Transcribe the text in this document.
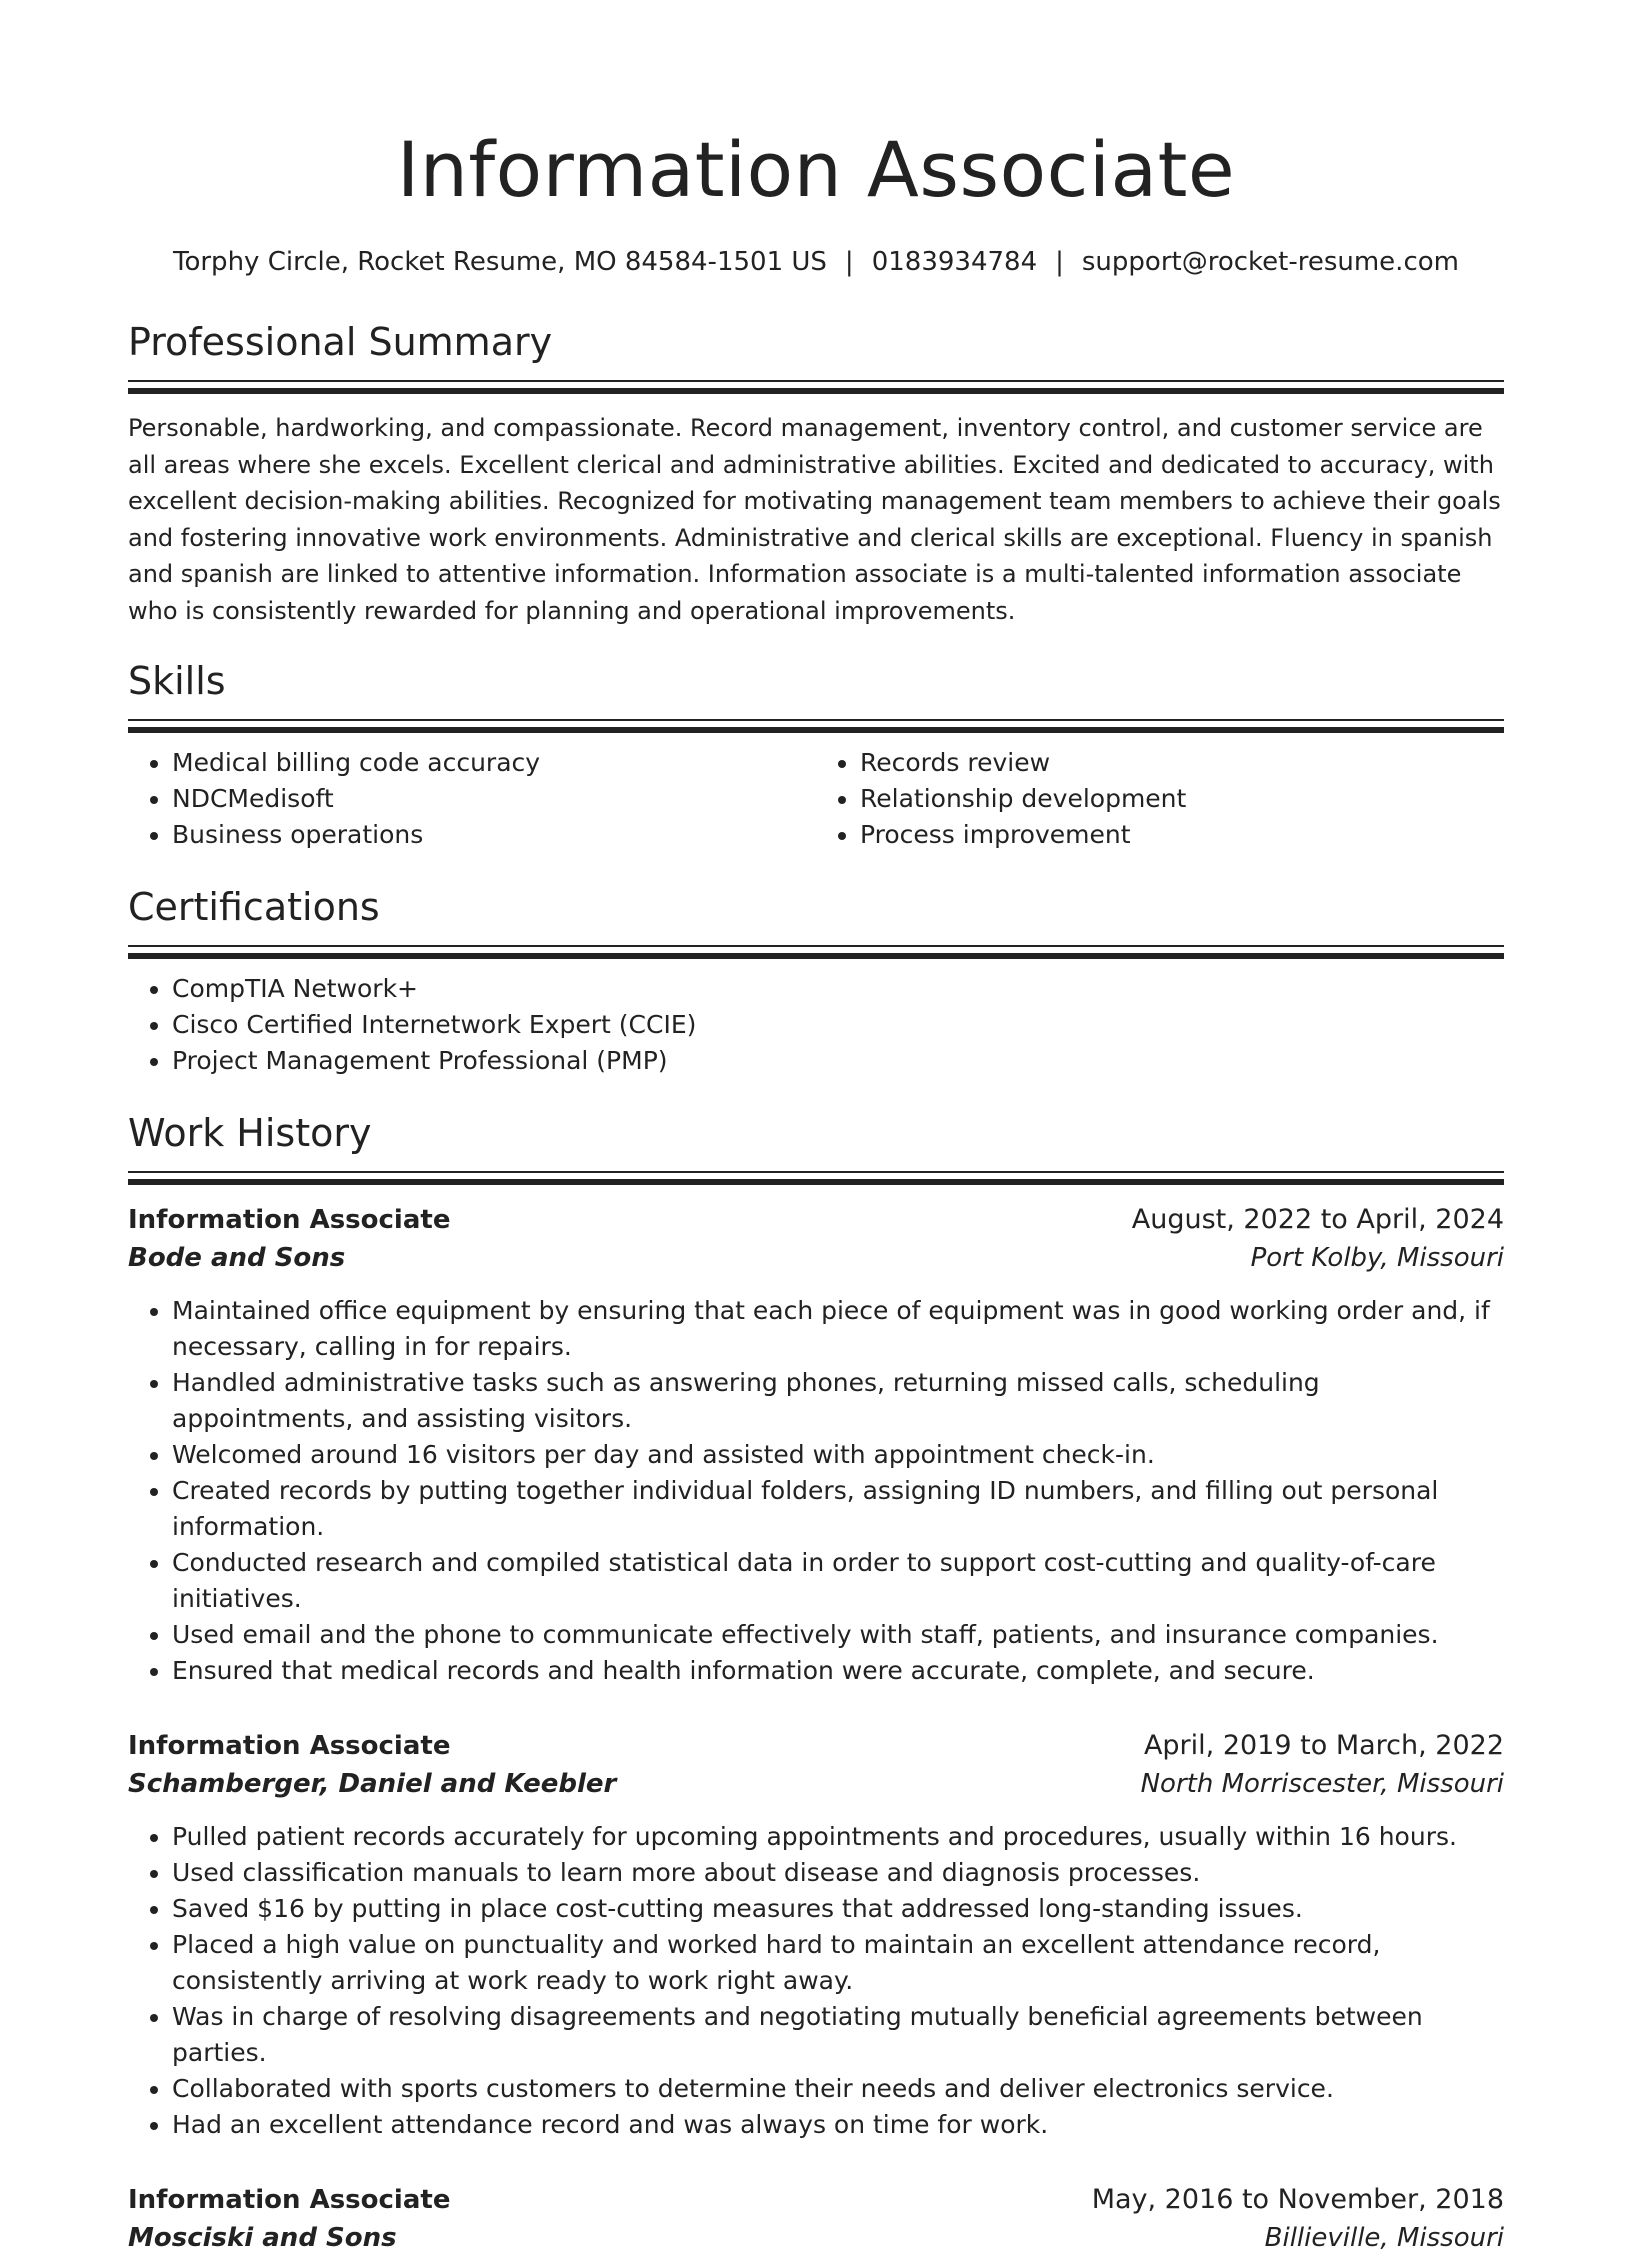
Information Associate
Torphy Circle, Rocket Resume, MO 84584-1501 US | 0183934784 | support@rocket-resume.com
Professional Summary
Personable, hardworking, and compassionate. Record management, inventory control, and customer service are all areas where she excels. Excellent clerical and administrative abilities. Excited and dedicated to accuracy, with excellent decision-making abilities. Recognized for motivating management team members to achieve their goals and fostering innovative work environments. Administrative and clerical skills are exceptional. Fluency in spanish and spanish are linked to attentive information. Information associate is a multi-talented information associate who is consistently rewarded for planning and operational improvements.
Skills
• Medical billing code accuracy
• NDCMedisoft
• Business operations
• Records review
• Relationship development
• Process improvement
Certifications
• CompTIA Network+
• Cisco Certified Internetwork Expert (CCIE)
• Project Management Professional (PMP)
Work History
Information Associate	August, 2022 to April, 2024
Bode and Sons	Port Kolby, Missouri
• Maintained office equipment by ensuring that each piece of equipment was in good working order and, if necessary, calling in for repairs.
• Handled administrative tasks such as answering phones, returning missed calls, scheduling appointments, and assisting visitors.
• Welcomed around 16 visitors per day and assisted with appointment check-in.
• Created records by putting together individual folders, assigning ID numbers, and filling out personal information.
• Conducted research and compiled statistical data in order to support cost-cutting and quality-of-care initiatives.
• Used email and the phone to communicate effectively with staff, patients, and insurance companies.
• Ensured that medical records and health information were accurate, complete, and secure.
Information Associate	April, 2019 to March, 2022
Schamberger, Daniel and Keebler	North Morriscester, Missouri
• Pulled patient records accurately for upcoming appointments and procedures, usually within 16 hours.
• Used classification manuals to learn more about disease and diagnosis processes.
• Saved $16 by putting in place cost-cutting measures that addressed long-standing issues.
• Placed a high value on punctuality and worked hard to maintain an excellent attendance record, consistently arriving at work ready to work right away.
• Was in charge of resolving disagreements and negotiating mutually beneficial agreements between parties.
• Collaborated with sports customers to determine their needs and deliver electronics service.
• Had an excellent attendance record and was always on time for work.
Information Associate	May, 2016 to November, 2018
Mosciski and Sons	Billieville, Missouri
